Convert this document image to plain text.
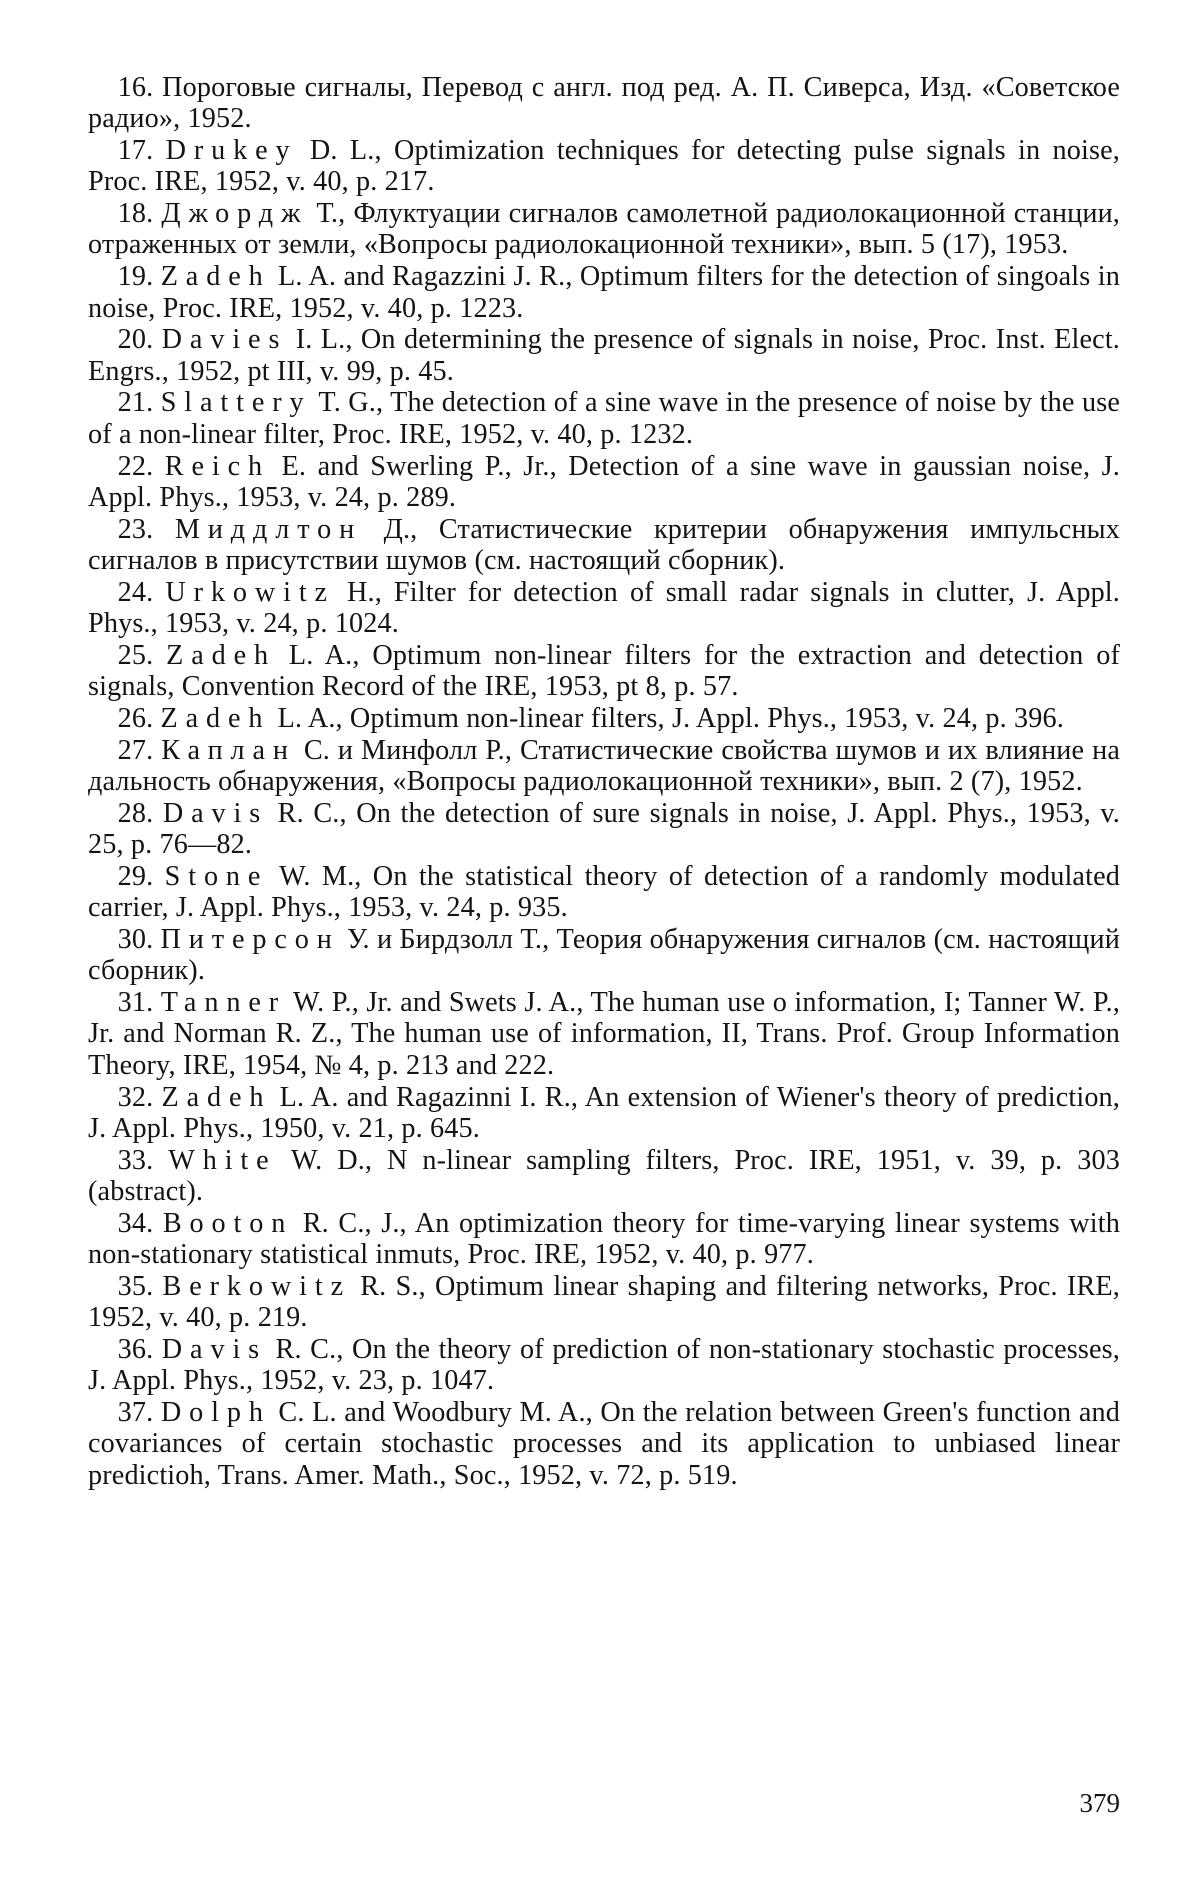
16. Пороговые сигналы, Перевод с англ. под ред. А. П. Сиверса, Изд. «Советское радио», 1952.

17. Drukey D. L., Optimization techniques for detecting pulse signals in noise, Proc. IRE, 1952, v. 40, p. 217.

18. Джордж Т., Флуктуации сигналов самолетной радиолокационной станции, отраженных от земли, «Вопросы радиолокационной техники», вып. 5 (17), 1953.

19. Zadeh L. A. and Ragazzini J. R., Optimum filters for the detection of singoals in noise, Proc. IRE, 1952, v. 40, p. 1223.

20. Davies I. L., On determining the presence of signals in noise, Proc. Inst. Elect. Engrs., 1952, pt III, v. 99, p. 45.

21. Slattery T. G., The detection of a sine wave in the presence of noise by the use of a non-linear filter, Proc. IRE, 1952, v. 40, p. 1232.

22. Reich E. and Swerling P., Jr., Detection of a sine wave in gaussian noise, J. Appl. Phys., 1953, v. 24, p. 289.

23. Миддлтон Д., Статистические критерии обнаружения импульсных сигналов в присутствии шумов (см. настоящий сборник).

24. Urkowitz H., Filter for detection of small radar signals in clutter, J. Appl. Phys., 1953, v. 24, p. 1024.

25. Zadeh L. A., Optimum non-linear filters for the extraction and detection of signals, Convention Record of the IRE, 1953, pt 8, p. 57.

26. Zadeh L. A., Optimum non-linear filters, J. Appl. Phys., 1953, v. 24, p. 396.

27. Каплан С. и Минфолл Р., Статистические свойства шумов и их влияние на дальность обнаружения, «Вопросы радиолокационной техники», вып. 2 (7), 1952.

28. Davis R. C., On the detection of sure signals in noise, J. Appl. Phys., 1953, v. 25, p. 76—82.

29. Stone W. M., On the statistical theory of detection of a randomly modulated carrier, J. Appl. Phys., 1953, v. 24, p. 935.

30. Питерсон У. и Бирдзолл Т., Теория обнаружения сигналов (см. настоящий сборник).

31. Tanner W. P., Jr. and Swets J. A., The human use o information, I; Tanner W. P., Jr. and Norman R. Z., The human use of information, II, Trans. Prof. Group Information Theory, IRE, 1954, № 4, p. 213 and 222.

32. Zadeh L. A. and Ragazinni I. R., An extension of Wiener's theory of prediction, J. Appl. Phys., 1950, v. 21, p. 645.

33. White W. D., N n-linear sampling filters, Proc. IRE, 1951, v. 39, p. 303 (abstract).

34. Booton R. C., J., An optimization theory for time-varying linear systems with non-stationary statistical inmuts, Proc. IRE, 1952, v. 40, p. 977.

35. Berkowitz R. S., Optimum linear shaping and filtering networks, Proc. IRE, 1952, v. 40, p. 219.

36. Davis R. C., On the theory of prediction of non-stationary stochastic processes, J. Appl. Phys., 1952, v. 23, p. 1047.

37. Dolph C. L. and Woodbury M. A., On the relation between Green's function and covariances of certain stochastic processes and its application to unbiased linear predictioh, Trans. Amer. Math., Soc., 1952, v. 72, p. 519.

379
